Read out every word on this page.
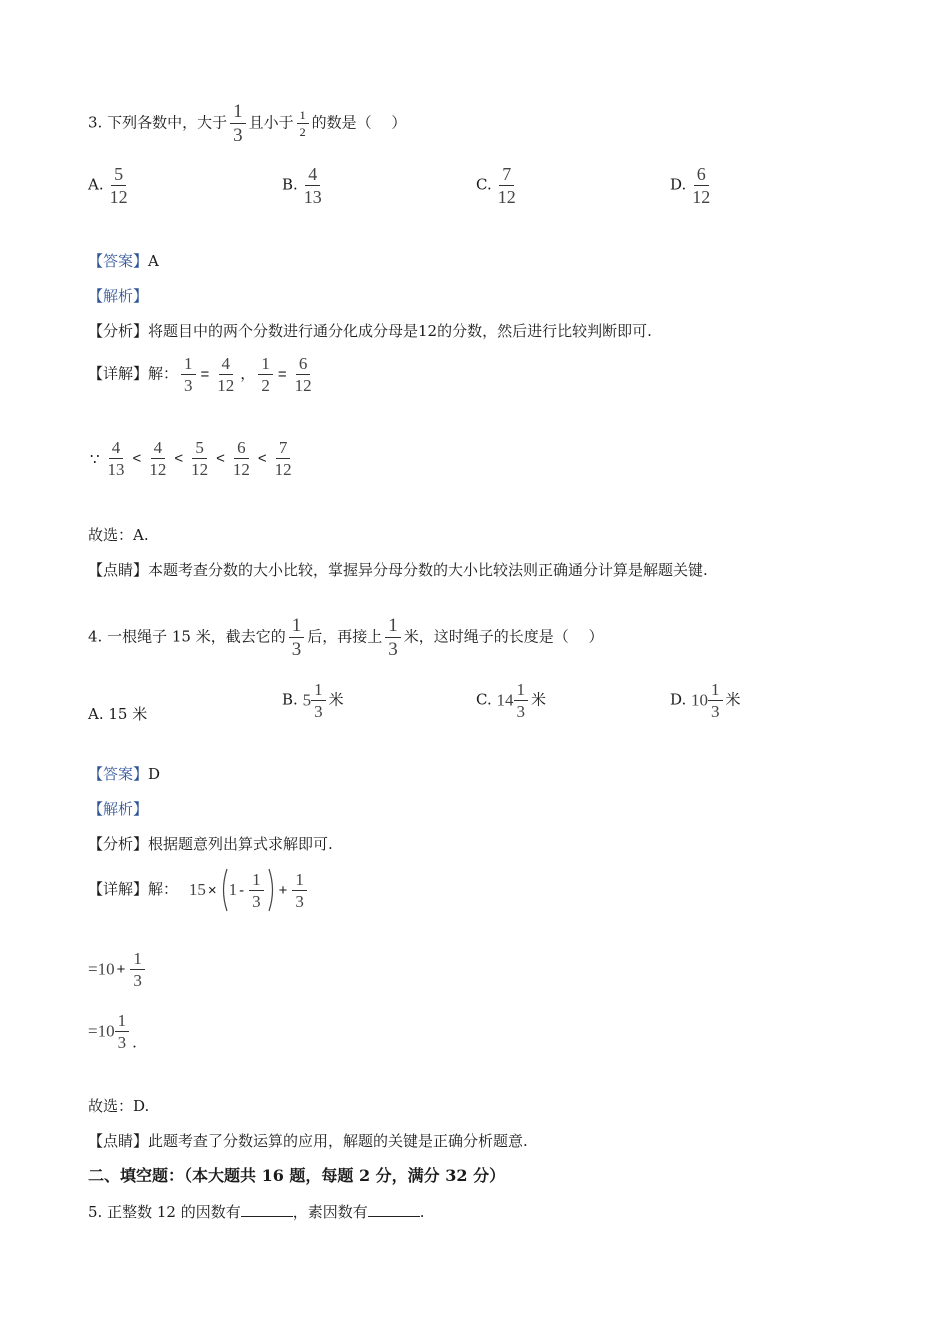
3. 下列各数中，大于 $\frac{1}{3}$ 且小于 $\frac{1}{2}$ 的数是（　 ）
A. $\frac{5}{12}$	B. $\frac{4}{13}$	C. $\frac{7}{12}$	D. $\frac{6}{12}$
【答案】A
【解析】
【分析】将题目中的两个分数进行通分化成分母是12的分数，然后进行比较判断即可.
【详解】解： $\frac{1}{3} = \frac{4}{12}$ ， $\frac{1}{2} = \frac{6}{12}$
∵ $\frac{4}{13} < \frac{4}{12} < \frac{5}{12} < \frac{6}{12} < \frac{7}{12}$
故选：A.
【点睛】本题考查分数的大小比较，掌握异分母分数的大小比较法则正确通分计算是解题关键.
4. 一根绳子 15 米，截去它的 $\frac{1}{3}$ 后，再接上 $\frac{1}{3}$ 米，这时绳子的长度是（　 ）
A. 15 米
B. $5 \frac{1}{3}$ 米	C. $14 \frac{1}{3}$ 米	D. $10 \frac{1}{3}$ 米
【答案】D
【解析】
【分析】根据题意列出算式求解即可.
【详解】解： $15 \times 1 - \frac{1}{3} + \frac{1}{3}$
$=10 + \frac{1}{3}$
$=10 \frac{1}{3}$ .
故选：D.
【点睛】此题考查了分数运算的应用，解题的关键是正确分析题意.
二、填空题：（本大题共 16 题，每题 2 分，满分 32 分）
5. 正整数 12 的因数有	，素因数有	.
